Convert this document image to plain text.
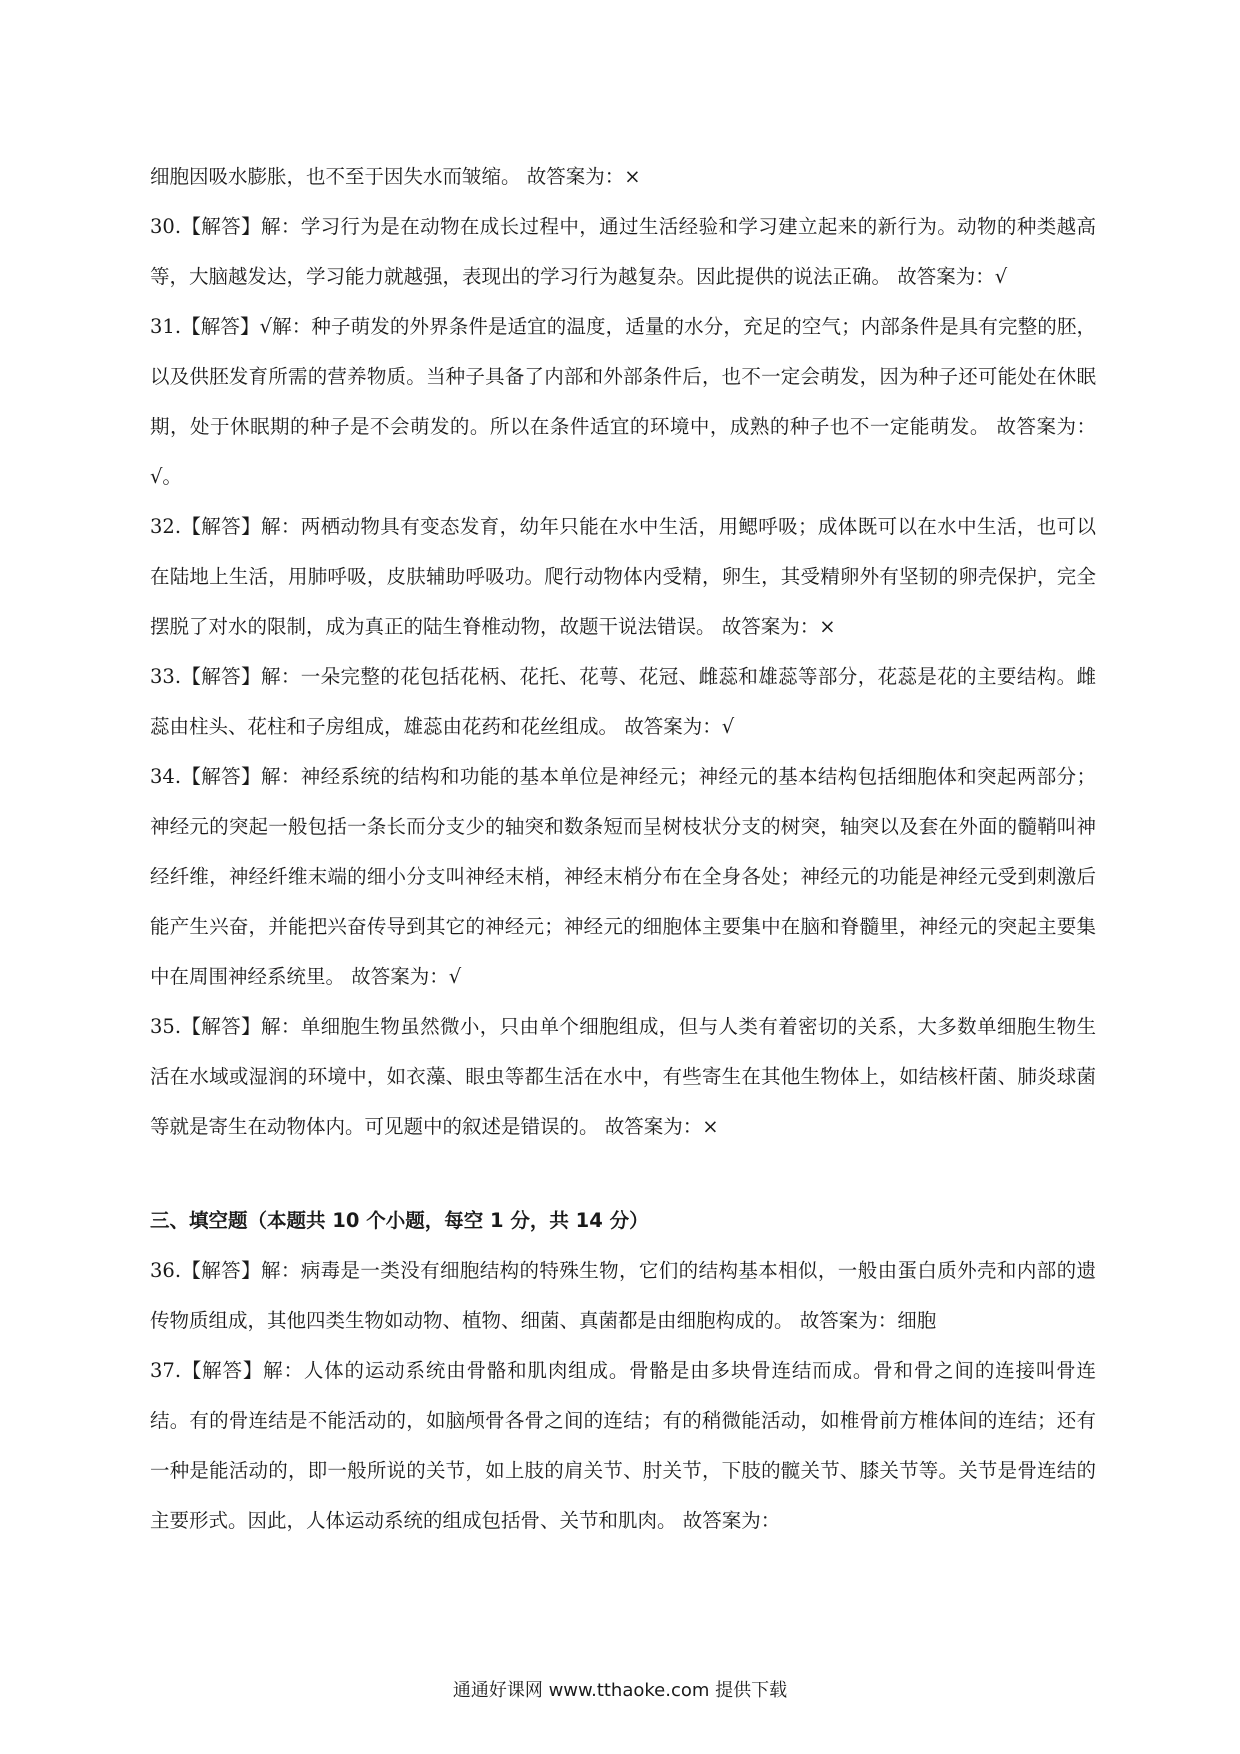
细胞因吸水膨胀，也不至于因失水而皱缩。 故答案为：×

30.【解答】解：学习行为是在动物在成长过程中，通过生活经验和学习建立起来的新行为。动物的种类越高等，大脑越发达，学习能力就越强，表现出的学习行为越复杂。因此提供的说法正确。 故答案为：√

31.【解答】√解：种子萌发的外界条件是适宜的温度，适量的水分，充足的空气；内部条件是具有完整的胚，以及供胚发育所需的营养物质。当种子具备了内部和外部条件后，也不一定会萌发，因为种子还可能处在休眠期，处于休眠期的种子是不会萌发的。所以在条件适宜的环境中，成熟的种子也不一定能萌发。 故答案为：√。

32.【解答】解：两栖动物具有变态发育，幼年只能在水中生活，用鳃呼吸；成体既可以在水中生活，也可以在陆地上生活，用肺呼吸，皮肤辅助呼吸功。爬行动物体内受精，卵生，其受精卵外有坚韧的卵壳保护，完全摆脱了对水的限制，成为真正的陆生脊椎动物，故题干说法错误。 故答案为：×

33.【解答】解：一朵完整的花包括花柄、花托、花萼、花冠、雌蕊和雄蕊等部分，花蕊是花的主要结构。雌蕊由柱头、花柱和子房组成，雄蕊由花药和花丝组成。 故答案为：√

34.【解答】解：神经系统的结构和功能的基本单位是神经元；神经元的基本结构包括细胞体和突起两部分；神经元的突起一般包括一条长而分支少的轴突和数条短而呈树枝状分支的树突，轴突以及套在外面的髓鞘叫神经纤维，神经纤维末端的细小分支叫神经末梢，神经末梢分布在全身各处；神经元的功能是神经元受到刺激后能产生兴奋，并能把兴奋传导到其它的神经元；神经元的细胞体主要集中在脑和脊髓里，神经元的突起主要集中在周围神经系统里。 故答案为：√

35.【解答】解：单细胞生物虽然微小，只由单个细胞组成，但与人类有着密切的关系，大多数单细胞生物生活在水域或湿润的环境中，如衣藻、眼虫等都生活在水中，有些寄生在其他生物体上，如结核杆菌、肺炎球菌等就是寄生在动物体内。可见题中的叙述是错误的。 故答案为：×

三、填空题（本题共 10 个小题，每空 1 分，共 14 分）

36.【解答】解：病毒是一类没有细胞结构的特殊生物，它们的结构基本相似，一般由蛋白质外壳和内部的遗传物质组成，其他四类生物如动物、植物、细菌、真菌都是由细胞构成的。 故答案为：细胞

37.【解答】解：人体的运动系统由骨骼和肌肉组成。骨骼是由多块骨连结而成。骨和骨之间的连接叫骨连结。有的骨连结是不能活动的，如脑颅骨各骨之间的连结；有的稍微能活动，如椎骨前方椎体间的连结；还有一种是能活动的，即一般所说的关节，如上肢的肩关节、肘关节，下肢的髋关节、膝关节等。关节是骨连结的主要形式。因此，人体运动系统的组成包括骨、关节和肌肉。 故答案为：

通通好课网 www.tthaoke.com 提供下载
